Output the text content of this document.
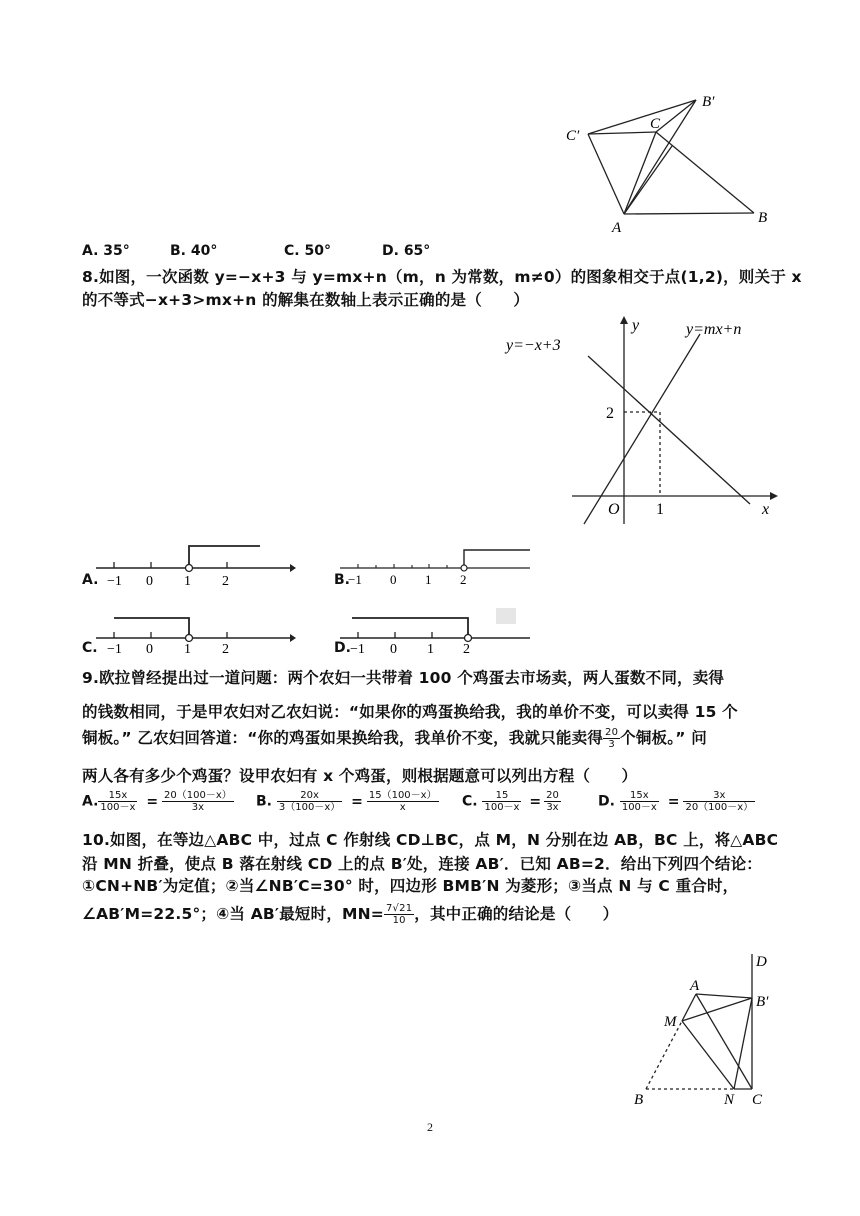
B′
C′
C
A
B
A. 35°	B. 40°	C. 50°	D. 65°
8.如图，一次函数 y=−x+3 与 y=mx+n（m，n 为常数，m≠0）的图象相交于点(1,2)，则关于 x
的不等式−x+3>mx+n 的解集在数轴上表示正确的是（　　）
y=−x+3
y=mx+n
y
x
O
2
1
A. −1 0 1 2	B.
−1 0 1 2
C. −1 0 1 2	D. −1 0 1 2
9.欧拉曾经提出过一道问题：两个农妇一共带着 100 个鸡蛋去市场卖，两人蛋数不同，卖得
的钱数相同，于是甲农妇对乙农妇说：“如果你的鸡蛋换给我，我的单价不变，可以卖得 15 个
铜板。” 乙农妇回答道：“你的鸡蛋如果换给我，我单价不变，我就只能卖得 $\frac{20}{3}$ 个铜板。” 问
两人各有多少个鸡蛋？设甲农妇有 x 个鸡蛋，则根据题意可以列出方程（　　）
A. $\frac{15x}{100-x} = \frac{20(100-x)}{3x} B$. $\frac{20x}{3(100-x)} = \frac{15(100-x)}{x} C$. $\frac{15}{100-x} = \frac{20}{3x}$	D. $\frac{15x}{100-x} = \frac{3x}{20(100-x)}$
10.如图，在等边△ABC 中，过点 C 作射线 CD⊥BC，点 M，N 分别在边 AB，BC 上，将△ABC
沿 MN 折叠，使点 B 落在射线 CD 上的点 B′处，连接 AB′．已知 AB=2．给出下列四个结论：
①CN+NB′为定值；②当∠NB′C=30° 时，四边形 BMB′N 为菱形；③当点 N 与 C 重合时，
∠AB′M=22.5°；④当 AB′最短时，$MN= \frac{7√21}{10}$ ，其中正确的结论是（　　）
D
A
B′
M
B	N C
2
